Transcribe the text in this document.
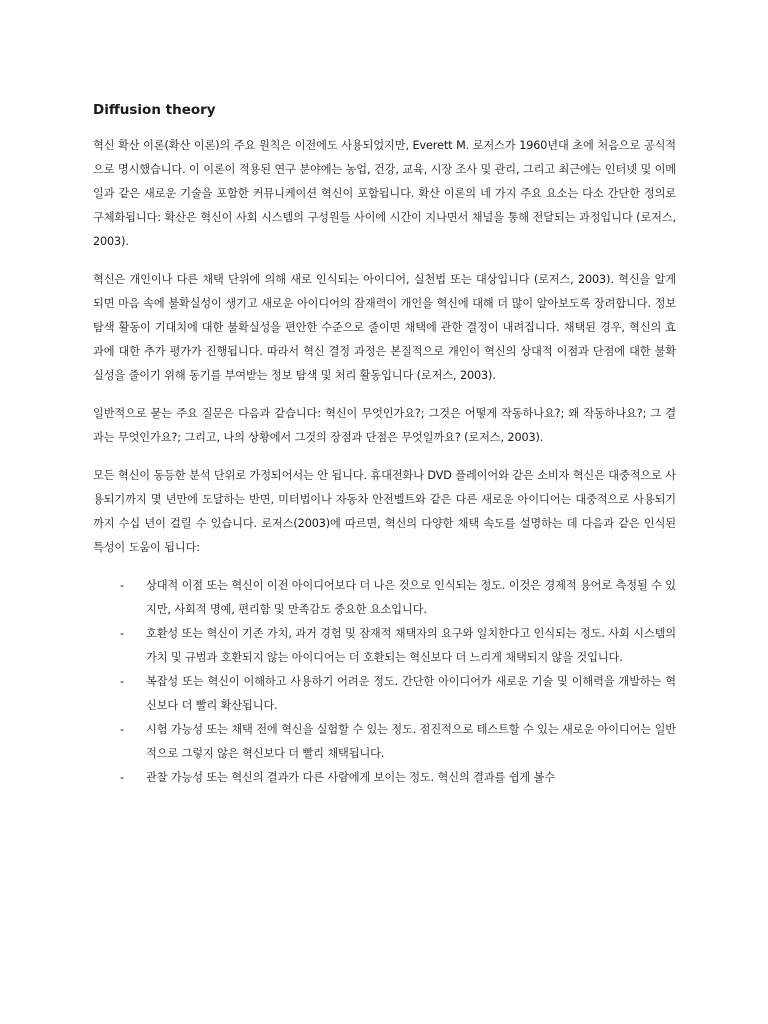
Diffusion theory

혁신 확산 이론(확산 이론)의 주요 원칙은 이전에도 사용되었지만, Everett M. 로저스가 1960년대 초에 처음으로 공식적으로 명시했습니다. 이 이론이 적용된 연구 분야에는 농업, 건강, 교육, 시장 조사 및 관리, 그리고 최근에는 인터넷 및 이메일과 같은 새로운 기술을 포함한 커뮤니케이션 혁신이 포함됩니다. 확산 이론의 네 가지 주요 요소는 다소 간단한 정의로 구체화됩니다: 확산은 혁신이 사회 시스템의 구성원들 사이에 시간이 지나면서 채널을 통해 전달되는 과정입니다 (로저스, 2003).

혁신은 개인이나 다른 채택 단위에 의해 새로 인식되는 아이디어, 실천법 또는 대상입니다 (로저스, 2003). 혁신을 알게 되면 마음 속에 불확실성이 생기고 새로운 아이디어의 잠재력이 개인을 혁신에 대해 더 많이 알아보도록 장려합니다. 정보 탐색 활동이 기대치에 대한 불확실성을 편안한 수준으로 줄이면 채택에 관한 결정이 내려집니다. 채택된 경우, 혁신의 효과에 대한 추가 평가가 진행됩니다. 따라서 혁신 결정 과정은 본질적으로 개인이 혁신의 상대적 이점과 단점에 대한 불확실성을 줄이기 위해 동기를 부여받는 정보 탐색 및 처리 활동입니다 (로저스, 2003).

일반적으로 묻는 주요 질문은 다음과 같습니다: 혁신이 무엇인가요?; 그것은 어떻게 작동하나요?; 왜 작동하나요?; 그 결과는 무엇인가요?; 그리고, 나의 상황에서 그것의 장점과 단점은 무엇일까요? (로저스, 2003).

모든 혁신이 동등한 분석 단위로 가정되어서는 안 됩니다. 휴대전화나 DVD 플레이어와 같은 소비자 혁신은 대중적으로 사용되기까지 몇 년만에 도달하는 반면, 미터법이나 자동차 안전벨트와 같은 다른 새로운 아이디어는 대중적으로 사용되기까지 수십 년이 걸릴 수 있습니다. 로저스(2003)에 따르면, 혁신의 다양한 채택 속도를 설명하는 데 다음과 같은 인식된 특성이 도움이 됩니다:

- 상대적 이점 또는 혁신이 이전 아이디어보다 더 나은 것으로 인식되는 정도. 이것은 경제적 용어로 측정될 수 있지만, 사회적 명예, 편리함 및 만족감도 중요한 요소입니다.
- 호환성 또는 혁신이 기존 가치, 과거 경험 및 잠재적 채택자의 요구와 일치한다고 인식되는 정도. 사회 시스템의 가치 및 규범과 호환되지 않는 아이디어는 더 호환되는 혁신보다 더 느리게 채택되지 않을 것입니다.
- 복잡성 또는 혁신이 이해하고 사용하기 어려운 정도. 간단한 아이디어가 새로운 기술 및 이해력을 개발하는 혁신보다 더 빨리 확산됩니다.
- 시험 가능성 또는 채택 전에 혁신을 실험할 수 있는 정도. 점진적으로 테스트할 수 있는 새로운 아이디어는 일반적으로 그렇지 않은 혁신보다 더 빨리 채택됩니다.
- 관찰 가능성 또는 혁신의 결과가 다른 사람에게 보이는 정도. 혁신의 결과를 쉽게 볼수
